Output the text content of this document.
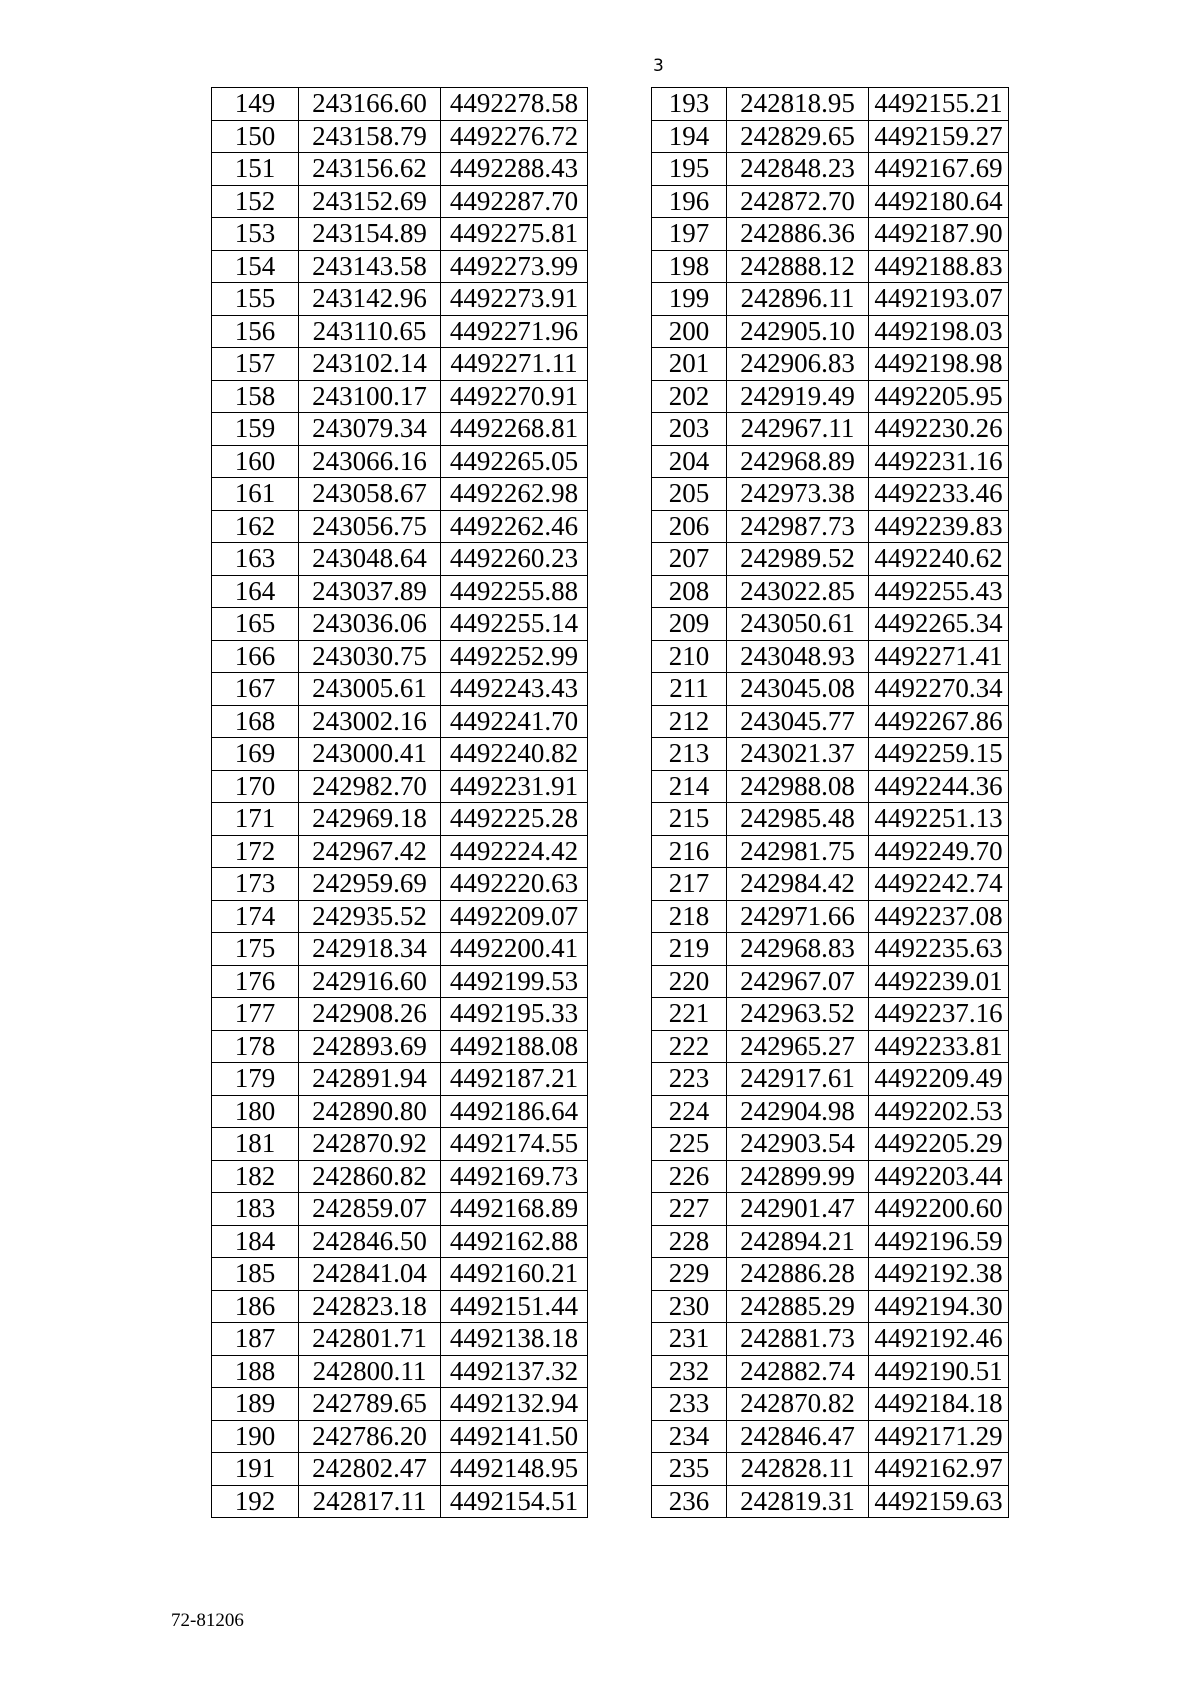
3
149	243166.60	4492278.58
150	243158.79	4492276.72
151	243156.62	4492288.43
152	243152.69	4492287.70
153	243154.89	4492275.81
154	243143.58	4492273.99
155	243142.96	4492273.91
156	243110.65	4492271.96
157	243102.14	4492271.11
158	243100.17	4492270.91
159	243079.34	4492268.81
160	243066.16	4492265.05
161	243058.67	4492262.98
162	243056.75	4492262.46
163	243048.64	4492260.23
164	243037.89	4492255.88
165	243036.06	4492255.14
166	243030.75	4492252.99
167	243005.61	4492243.43
168	243002.16	4492241.70
169	243000.41	4492240.82
170	242982.70	4492231.91
171	242969.18	4492225.28
172	242967.42	4492224.42
173	242959.69	4492220.63
174	242935.52	4492209.07
175	242918.34	4492200.41
176	242916.60	4492199.53
177	242908.26	4492195.33
178	242893.69	4492188.08
179	242891.94	4492187.21
180	242890.80	4492186.64
181	242870.92	4492174.55
182	242860.82	4492169.73
183	242859.07	4492168.89
184	242846.50	4492162.88
185	242841.04	4492160.21
186	242823.18	4492151.44
187	242801.71	4492138.18
188	242800.11	4492137.32
189	242789.65	4492132.94
190	242786.20	4492141.50
191	242802.47	4492148.95
192	242817.11	4492154.51
193	242818.95	4492155.21
194	242829.65	4492159.27
195	242848.23	4492167.69
196	242872.70	4492180.64
197	242886.36	4492187.90
198	242888.12	4492188.83
199	242896.11	4492193.07
200	242905.10	4492198.03
201	242906.83	4492198.98
202	242919.49	4492205.95
203	242967.11	4492230.26
204	242968.89	4492231.16
205	242973.38	4492233.46
206	242987.73	4492239.83
207	242989.52	4492240.62
208	243022.85	4492255.43
209	243050.61	4492265.34
210	243048.93	4492271.41
211	243045.08	4492270.34
212	243045.77	4492267.86
213	243021.37	4492259.15
214	242988.08	4492244.36
215	242985.48	4492251.13
216	242981.75	4492249.70
217	242984.42	4492242.74
218	242971.66	4492237.08
219	242968.83	4492235.63
220	242967.07	4492239.01
221	242963.52	4492237.16
222	242965.27	4492233.81
223	242917.61	4492209.49
224	242904.98	4492202.53
225	242903.54	4492205.29
226	242899.99	4492203.44
227	242901.47	4492200.60
228	242894.21	4492196.59
229	242886.28	4492192.38
230	242885.29	4492194.30
231	242881.73	4492192.46
232	242882.74	4492190.51
233	242870.82	4492184.18
234	242846.47	4492171.29
235	242828.11	4492162.97
236	242819.31	4492159.63
72-81206
